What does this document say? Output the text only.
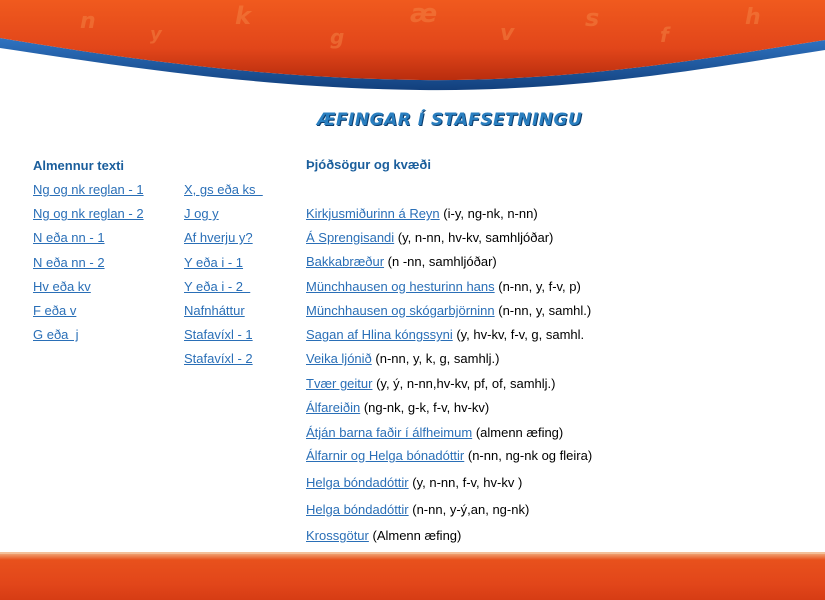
n
y
k
g
æ
v
s
f
h
ÆFINGAR Í STAFSETNINGU
Almennur texti
Ng og nk reglan - 1
Ng og nk reglan - 2
N eða nn - 1
N eða nn - 2
Hv eða kv
F eða v
G eða  j
X, gs eða ks
J og y
Af hverju y?
Y eða i - 1
Y eða i - 2
Nafnháttur
Stafavíxl - 1
Stafavíxl - 2
Þjóðsögur og kvæði
Kirkjusmiðurinn á Reyn (i-y, ng-nk, n-nn)
Á Sprengisandi (y, n-nn, hv-kv, samhljóðar)
Bakkabræður (n -nn, samhljóðar)
Münchhausen og hesturinn hans (n-nn, y, f-v, p)
Münchhausen og skógarbjörninn (n-nn, y, samhl.)
Sagan af Hlina kóngssyni (y, hv-kv, f-v, g, samhl.
Veika ljónið (n-nn, y, k, g, samhlj.)
Tvær geitur (y, ý, n-nn,hv-kv, pf, of, samhlj.)
Álfareiðin (ng-nk, g-k, f-v, hv-kv)
Átján barna faðir í álfheimum (almenn æfing)
Álfarnir og Helga bónadóttir (n-nn, ng-nk og fleira)
Helga bóndadóttir (y, n-nn, f-v, hv-kv )
Helga bóndadóttir (n-nn, y-ý,an, ng-nk)
Krossgötur (Almenn æfing)
